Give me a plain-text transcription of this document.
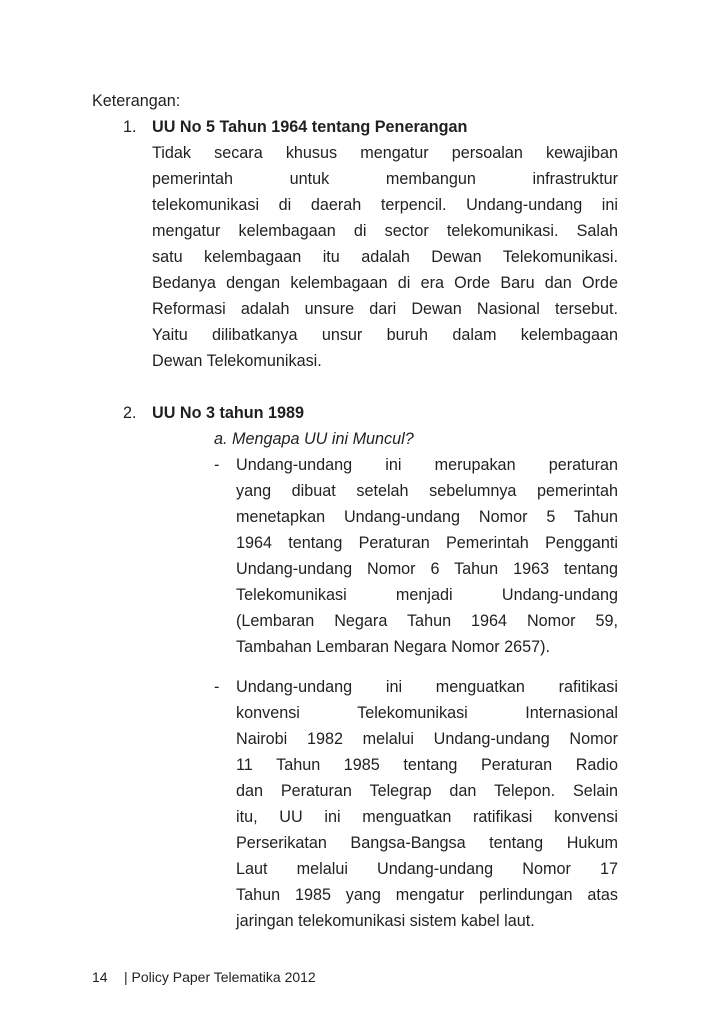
Keterangan:
1. UU No 5 Tahun 1964 tentang Penerangan
Tidak secara khusus mengatur persoalan kewajiban
pemerintah untuk membangun infrastruktur
telekomunikasi di daerah terpencil. Undang-undang ini
mengatur kelembagaan di sector telekomunikasi. Salah
satu kelembagaan itu adalah Dewan Telekomunikasi.
Bedanya dengan kelembagaan di era Orde Baru dan Orde
Reformasi adalah unsure dari Dewan Nasional tersebut.
Yaitu dilibatkanya unsur buruh dalam kelembagaan
Dewan Telekomunikasi.
2. UU No 3 tahun 1989
a. Mengapa UU ini Muncul?
- Undang-undang ini merupakan peraturan
yang dibuat setelah sebelumnya pemerintah
menetapkan Undang-undang Nomor 5 Tahun
1964 tentang Peraturan Pemerintah Pengganti
Undang-undang Nomor 6 Tahun 1963 tentang
Telekomunikasi menjadi Undang-undang
(Lembaran Negara Tahun 1964 Nomor 59,
Tambahan Lembaran Negara Nomor 2657).
- Undang-undang ini menguatkan rafitikasi
konvensi Telekomunikasi Internasional
Nairobi 1982 melalui Undang-undang Nomor
11 Tahun 1985 tentang Peraturan Radio
dan Peraturan Telegrap dan Telepon. Selain
itu, UU ini menguatkan ratifikasi konvensi
Perserikatan Bangsa-Bangsa tentang Hukum
Laut melalui Undang-undang Nomor 17
Tahun 1985 yang mengatur perlindungan atas
jaringan telekomunikasi sistem kabel laut.
14 | Policy Paper Telematika 2012
